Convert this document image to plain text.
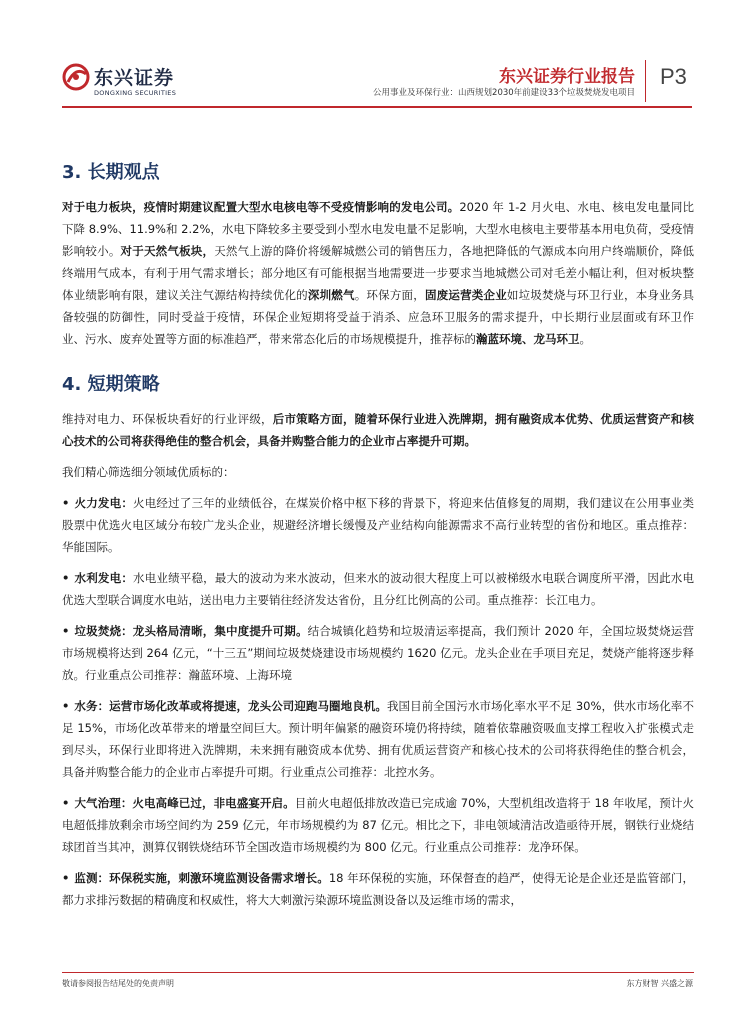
东兴证券
DONGXING SECURITIES
东兴证券行业报告
公用事业及环保行业：山西规划2030年前建设33个垃圾焚烧发电项目
P3
3. 长期观点

对于电力板块，疫情时期建议配置大型水电核电等不受疫情影响的发电公司。2020 年 1-2 月火电、水电、核电发电量同比下降 8.9%、11.9%和 2.2%，水电下降较多主要受到小型水电发电量不足影响，大型水电核电主要带基本用电负荷，受疫情影响较小。对于天然气板块，天然气上游的降价将缓解城燃公司的销售压力，各地把降低的气源成本向用户终端顺价，降低终端用气成本，有利于用气需求增长；部分地区有可能根据当地需要进一步要求当地城燃公司对毛差小幅让利，但对板块整体业绩影响有限，建议关注气源结构持续优化的深圳燃气。环保方面，固废运营类企业如垃圾焚烧与环卫行业，本身业务具备较强的防御性，同时受益于疫情，环保企业短期将受益于消杀、应急环卫服务的需求提升，中长期行业层面或有环卫作业、污水、废弃处置等方面的标准趋严，带来常态化后的市场规模提升，推荐标的瀚蓝环境、龙马环卫。

4. 短期策略

维持对电力、环保板块看好的行业评级，后市策略方面，随着环保行业进入洗牌期，拥有融资成本优势、优质运营资产和核心技术的公司将获得绝佳的整合机会，具备并购整合能力的企业市占率提升可期。

我们精心筛选细分领域优质标的：

• 火力发电：火电经过了三年的业绩低谷，在煤炭价格中枢下移的背景下，将迎来估值修复的周期，我们建议在公用事业类股票中优选火电区域分布较广龙头企业，规避经济增长缓慢及产业结构向能源需求不高行业转型的省份和地区。重点推荐：华能国际。

• 水利发电：水电业绩平稳，最大的波动为来水波动，但来水的波动很大程度上可以被梯级水电联合调度所平滑，因此水电优选大型联合调度水电站，送出电力主要销往经济发达省份，且分红比例高的公司。重点推荐：长江电力。

• 垃圾焚烧：龙头格局清晰，集中度提升可期。结合城镇化趋势和垃圾清运率提高，我们预计 2020 年，全国垃圾焚烧运营市场规模将达到 264 亿元，“十三五”期间垃圾焚烧建设市场规模约 1620 亿元。龙头企业在手项目充足，焚烧产能将逐步释放。行业重点公司推荐：瀚蓝环境、上海环境

• 水务：运营市场化改革或将提速，龙头公司迎跑马圈地良机。我国目前全国污水市场化率水平不足 30%，供水市场化率不足 15%，市场化改革带来的增量空间巨大。预计明年偏紧的融资环境仍将持续，随着依靠融资吸血支撑工程收入扩张模式走到尽头，环保行业即将进入洗牌期，未来拥有融资成本优势、拥有优质运营资产和核心技术的公司将获得绝佳的整合机会，具备并购整合能力的企业市占率提升可期。行业重点公司推荐：北控水务。

• 大气治理：火电高峰已过，非电盛宴开启。目前火电超低排放改造已完成逾 70%，大型机组改造将于 18 年收尾，预计火电超低排放剩余市场空间约为 259 亿元，年市场规模约为 87 亿元。相比之下，非电领域清洁改造亟待开展，钢铁行业烧结球团首当其冲，测算仅钢铁烧结环节全国改造市场规模约为 800 亿元。行业重点公司推荐：龙净环保。

• 监测：环保税实施，刺激环境监测设备需求增长。18 年环保税的实施，环保督查的趋严，使得无论是企业还是监管部门，都力求排污数据的精确度和权威性，将大大刺激污染源环境监测设备以及运维市场的需求，

敬请参阅报告结尾处的免责声明	东方财智 兴盛之源
